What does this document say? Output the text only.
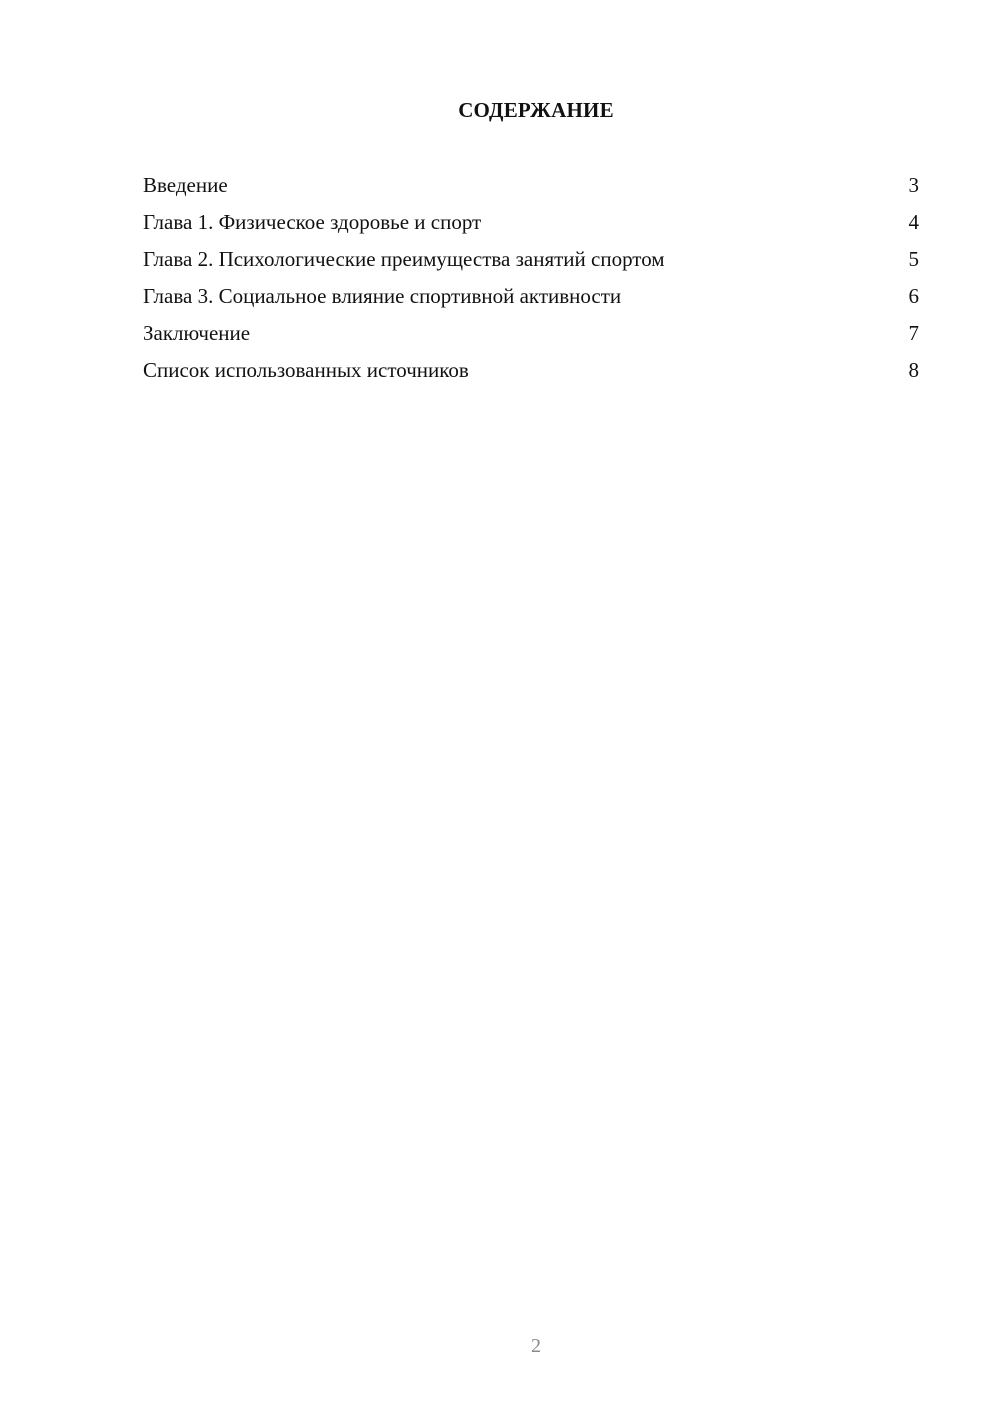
СОДЕРЖАНИЕ
Введение	3
Глава 1. Физическое здоровье и спорт	4
Глава 2. Психологические преимущества занятий спортом	5
Глава 3. Социальное влияние спортивной активности	6
Заключение	7
Список использованных источников	8
2
